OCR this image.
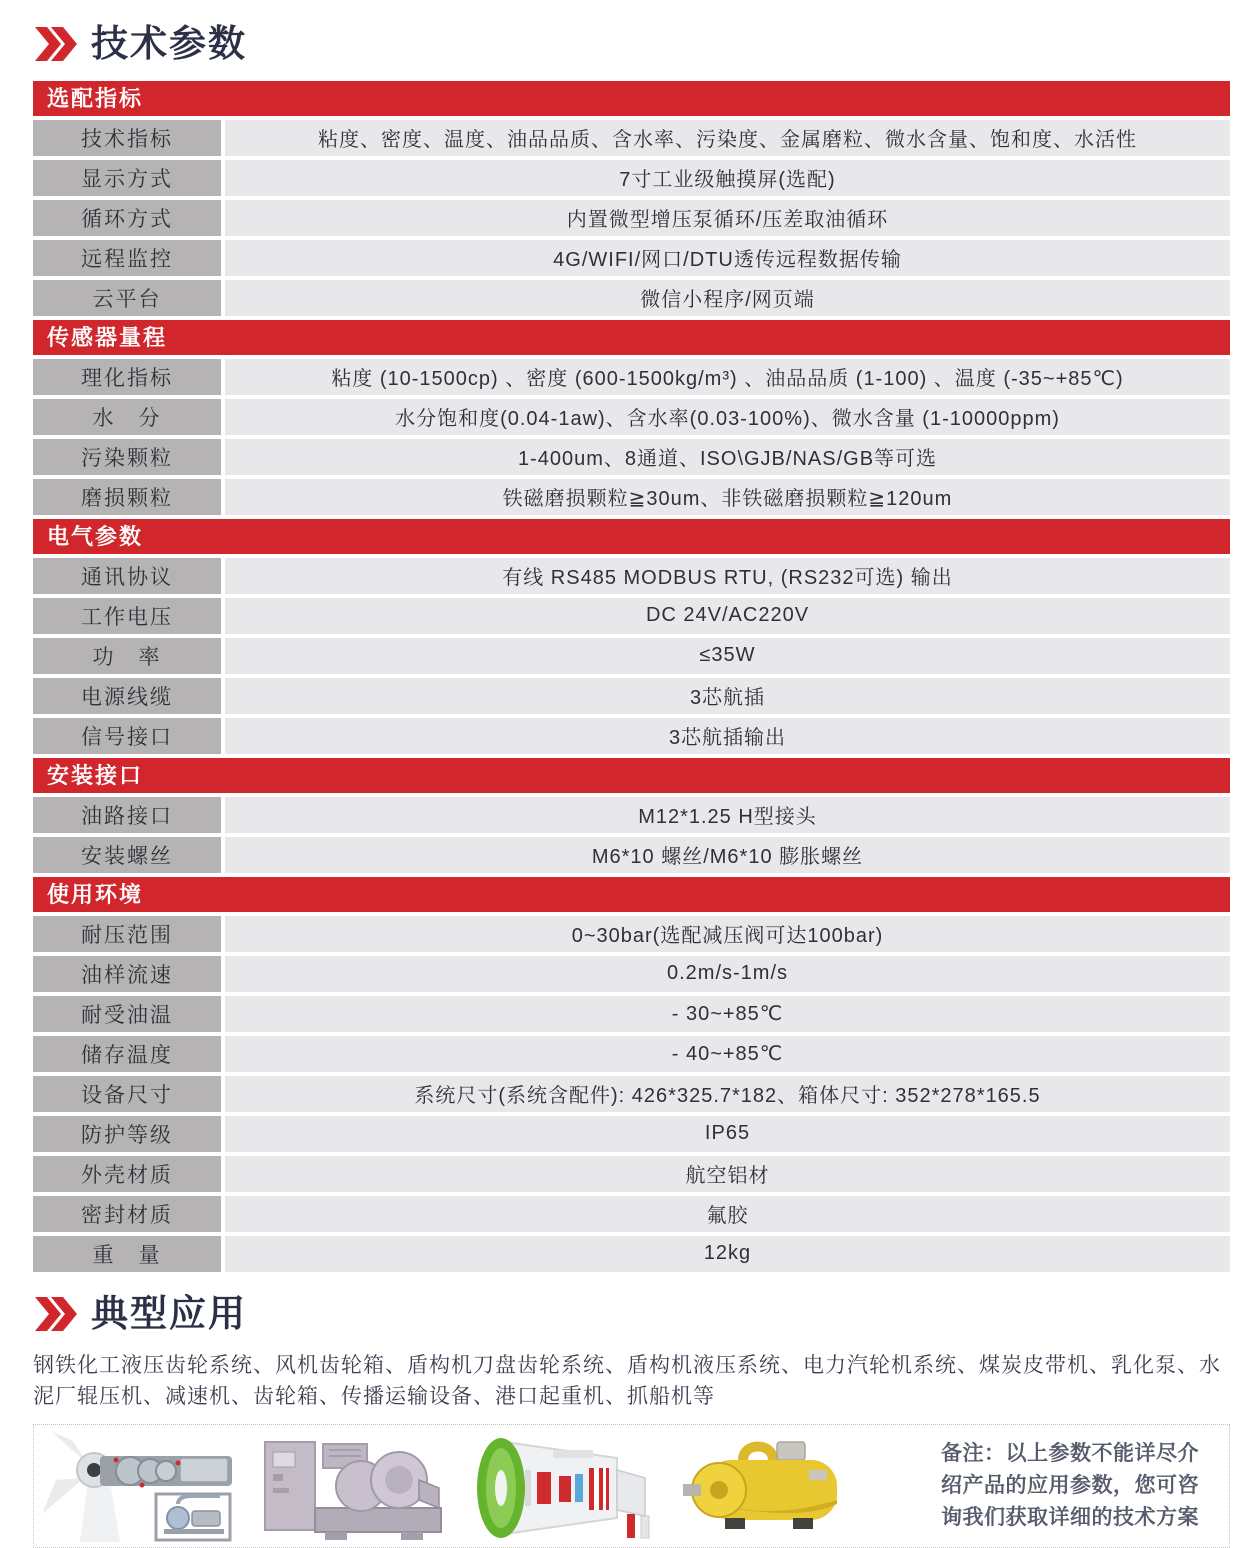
技术参数
选配指标
技术指标	粘度、密度、温度、油品品质、含水率、污染度、金属磨粒、微水含量、饱和度、水活性
显示方式	7寸工业级触摸屏(选配)
循环方式	内置微型增压泵循环/压差取油循环
远程监控	4G/WIFI/网口/DTU透传远程数据传输
云平台	微信小程序/网页端
传感器量程
理化指标	粘度 (10-1500cp) 、密度 (600-1500kg/m³) 、油品品质 (1-100) 、温度 (-35~+85℃)
水　分	水分饱和度(0.04-1aw)、含水率(0.03-100%)、微水含量 (1-10000ppm)
污染颗粒	1-400um、8通道、ISO\GJB/NAS/GB等可选
磨损颗粒	铁磁磨损颗粒≧30um、非铁磁磨损颗粒≧120um
电气参数
通讯协议	有线 RS485 MODBUS RTU, (RS232可选) 输出
工作电压	DC 24V/AC220V
功　率	≤35W
电源线缆	3芯航插
信号接口	3芯航插输出
安装接口
油路接口	M12*1.25 H型接头
安装螺丝	M6*10 螺丝/M6*10 膨胀螺丝
使用环境
耐压范围	0~30bar(选配减压阀可达100bar)
油样流速	0.2m/s-1m/s
耐受油温	- 30~+85℃
储存温度	- 40~+85℃
设备尺寸	系统尺寸(系统含配件): 426*325.7*182、箱体尺寸: 352*278*165.5
防护等级	IP65
外壳材质	航空铝材
密封材质	氟胶
重　量	12kg
典型应用

钢铁化工液压齿轮系统、风机齿轮箱、盾构机刀盘齿轮系统、盾构机液压系统、电力汽轮机系统、煤炭皮带机、乳化泵、水泥厂辊压机、减速机、齿轮箱、传播运输设备、港口起重机、抓船机等

备注：以上参数不能详尽介绍产品的应用参数，您可咨询我们获取详细的技术方案
